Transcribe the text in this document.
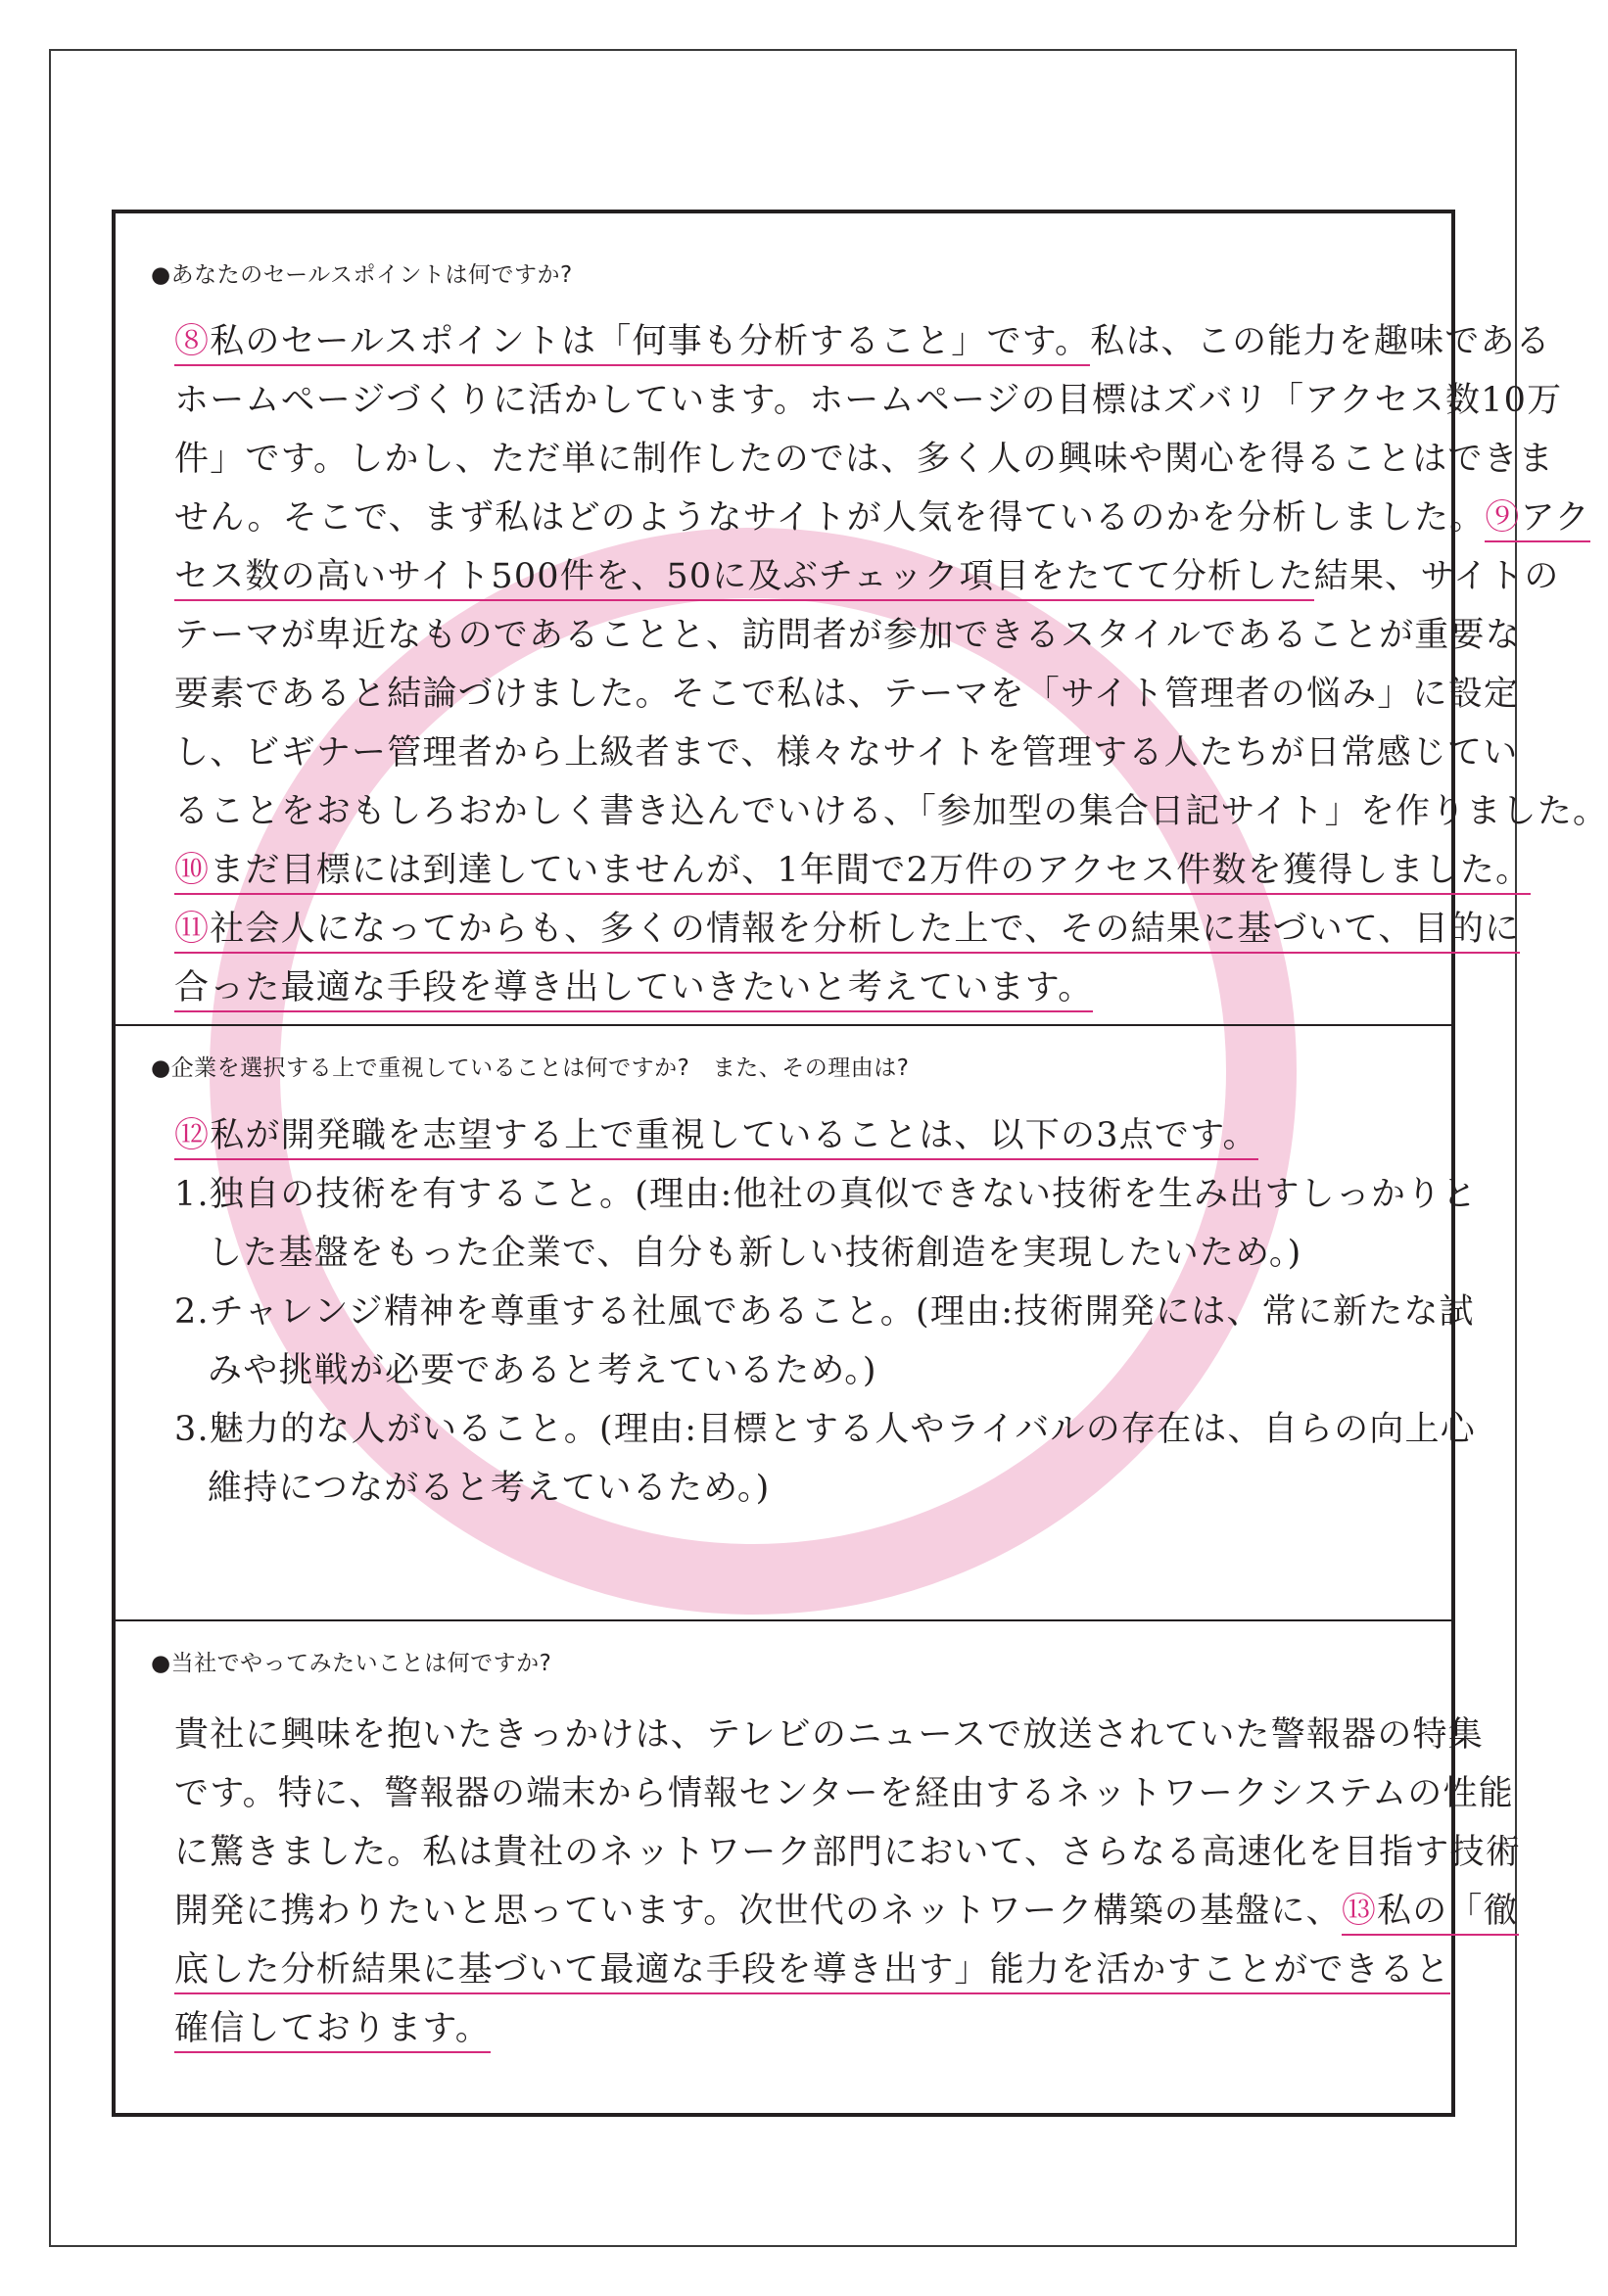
●あなたのセールスポイントは何ですか?
⑧私のセールスポイントは「何事も分析すること」です。私は、この能力を趣味である
ホームページづくりに活かしています。ホームページの目標はズバリ「アクセス数10万
件」です。しかし、ただ単に制作したのでは、多く人の興味や関心を得ることはできま
せん。そこで、まず私はどのようなサイトが人気を得ているのかを分析しました。⑨アク
セス数の高いサイト500件を、50に及ぶチェック項目をたてて分析した結果、サイトの
テーマが卑近なものであることと、訪問者が参加できるスタイルであることが重要な
要素であると結論づけました。そこで私は、テーマを「サイト管理者の悩み」に設定
し、ビギナー管理者から上級者まで、様々なサイトを管理する人たちが日常感じてい
ることをおもしろおかしく書き込んでいける、「参加型の集合日記サイト」を作りました。
⑩まだ目標には到達していませんが、1年間で2万件のアクセス件数を獲得しました。
⑪社会人になってからも、多くの情報を分析した上で、その結果に基づいて、目的に
合った最適な手段を導き出していきたいと考えています。
●企業を選択する上で重視していることは何ですか?　また、その理由は?
⑫私が開発職を志望する上で重視していることは、以下の3点です。
1.独自の技術を有すること。(理由:他社の真似できない技術を生み出すしっかりと
した基盤をもった企業で、自分も新しい技術創造を実現したいため。)
2.チャレンジ精神を尊重する社風であること。(理由:技術開発には、常に新たな試
みや挑戦が必要であると考えているため。)
3.魅力的な人がいること。(理由:目標とする人やライバルの存在は、自らの向上心
維持につながると考えているため。)
●当社でやってみたいことは何ですか?
貴社に興味を抱いたきっかけは、テレビのニュースで放送されていた警報器の特集
です。特に、警報器の端末から情報センターを経由するネットワークシステムの性能
に驚きました。私は貴社のネットワーク部門において、さらなる高速化を目指す技術
開発に携わりたいと思っています。次世代のネットワーク構築の基盤に、⑬私の「徹
底した分析結果に基づいて最適な手段を導き出す」能力を活かすことができると
確信しております。
